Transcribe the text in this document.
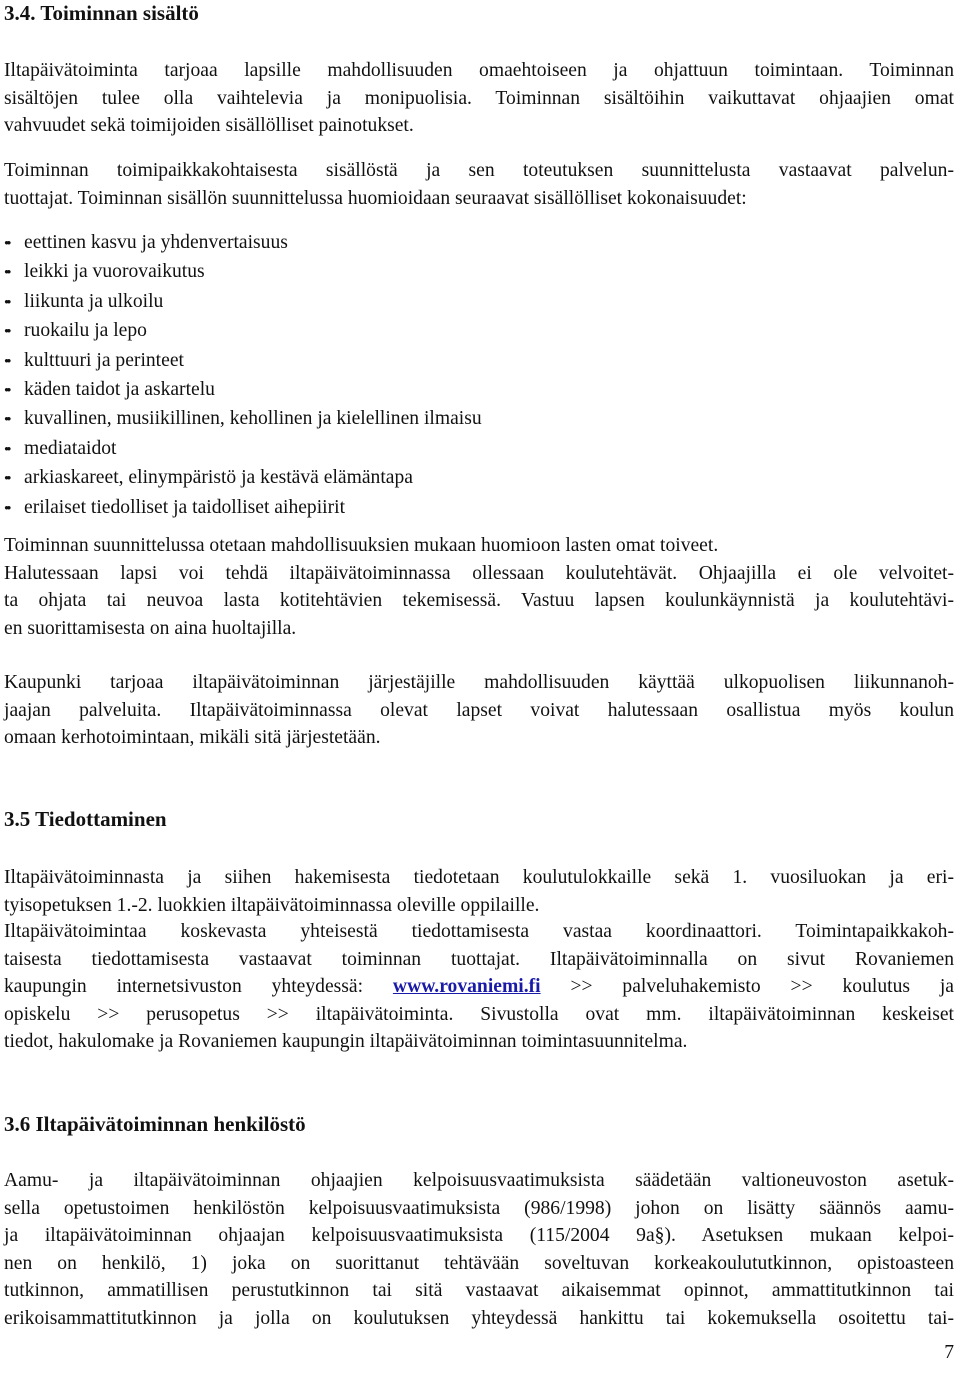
3.4. Toiminnan sisältö

Iltapäivätoiminta tarjoaa lapsille mahdollisuuden omaehtoiseen ja ohjattuun toimintaan. Toiminnan
sisältöjen tulee olla vaihtelevia ja monipuolisia. Toiminnan sisältöihin vaikuttavat ohjaajien omat
vahvuudet sekä toimijoiden sisällölliset painotukset.

Toiminnan toimipaikkakohtaisesta sisällöstä ja sen toteutuksen suunnittelusta vastaavat palvelun-
tuottajat. Toiminnan sisällön suunnittelussa huomioidaan seuraavat sisällölliset kokonaisuudet:

•• eettinen kasvu ja yhdenvertaisuus
•• leikki ja vuorovaikutus
•• liikunta ja ulkoilu
•• ruokailu ja lepo
•• kulttuuri ja perinteet
•• käden taidot ja askartelu
•• kuvallinen, musiikillinen, kehollinen ja kielellinen ilmaisu
•• mediataidot
•• arkiaskareet, elinympäristö ja kestävä elämäntapa
•• erilaiset tiedolliset ja taidolliset aihepiirit

Toiminnan suunnittelussa otetaan mahdollisuuksien mukaan huomioon lasten omat toiveet.
Halutessaan lapsi voi tehdä iltapäivätoiminnassa ollessaan koulutehtävät. Ohjaajilla ei ole velvoitet-
ta ohjata tai neuvoa lasta kotitehtävien tekemisessä. Vastuu lapsen koulunkäynnistä ja koulutehtävi-
en suorittamisesta on aina huoltajilla.

Kaupunki tarjoaa iltapäivätoiminnan järjestäjille mahdollisuuden käyttää ulkopuolisen liikunnanoh-
jaajan palveluita. Iltapäivätoiminnassa olevat lapset voivat halutessaan osallistua myös koulun
omaan kerhotoimintaan, mikäli sitä järjestetään.

3.5 Tiedottaminen

Iltapäivätoiminnasta ja siihen hakemisesta tiedotetaan koulutulokkaille sekä 1. vuosiluokan ja eri-
tyisopetuksen 1.-2. luokkien iltapäivätoiminnassa oleville oppilaille.

Iltapäivätoimintaa koskevasta yhteisestä tiedottamisesta vastaa koordinaattori. Toimintapaikkakoh-
taisesta tiedottamisesta vastaavat toiminnan tuottajat. Iltapäivätoiminnalla on sivut Rovaniemen
kaupungin internetsivuston yhteydessä: www.rovaniemi.fi >> palveluhakemisto >> koulutus ja
opiskelu >> perusopetus >> iltapäivätoiminta. Sivustolla ovat mm. iltapäivätoiminnan keskeiset
tiedot, hakulomake ja Rovaniemen kaupungin iltapäivätoiminnan toimintasuunnitelma.

3.6 Iltapäivätoiminnan henkilöstö

Aamu- ja iltapäivätoiminnan ohjaajien kelpoisuusvaatimuksista säädetään valtioneuvoston asetuk-
sella opetustoimen henkilöstön kelpoisuusvaatimuksista (986/1998) johon on lisätty säännös aamu-
ja iltapäivätoiminnan ohjaajan kelpoisuusvaatimuksista (115/2004 9a§). Asetuksen mukaan kelpoi-
nen on henkilö, 1) joka on suorittanut tehtävään soveltuvan korkeakoulututkinnon, opistoasteen
tutkinnon, ammatillisen perustutkinnon tai sitä vastaavat aikaisemmat opinnot, ammattitutkinnon tai
erikoisammattitutkinnon ja jolla on koulutuksen yhteydessä hankittu tai kokemuksella osoitettu tai-

7
